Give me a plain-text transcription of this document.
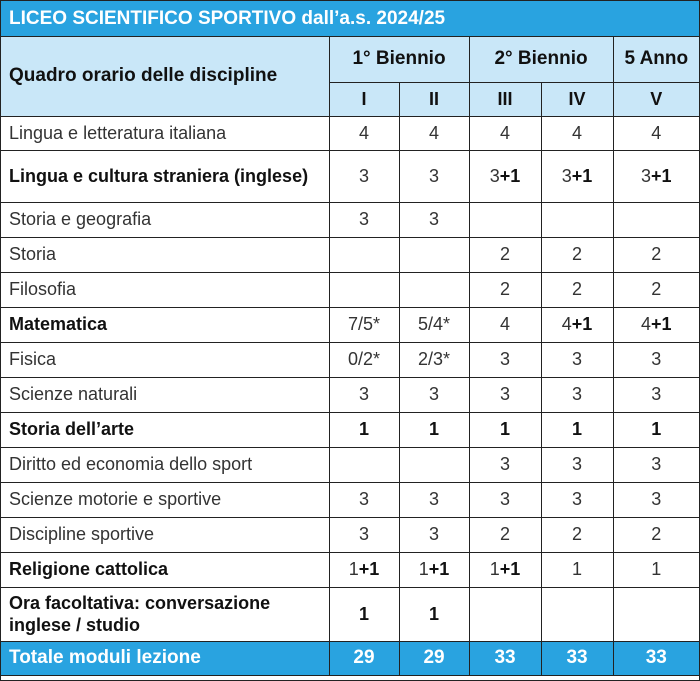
LICEO SCIENTIFICO SPORTIVO dall’a.s. 2024/25
Quadro orario delle discipline	1° Biennio		2° Biennio		5 Anno
	I	II	III	IV	V
Lingua e letteratura italiana	4	4	4	4	4
Lingua e cultura straniera (inglese)	3	3	3+1	3+1	3+1
Storia e geografia	3	3			
Storia			2	2	2
Filosofia			2	2	2
Matematica	7/5*	5/4*	4	4+1	4+1
Fisica	0/2*	2/3*	3	3	3
Scienze naturali	3	3	3	3	3
Storia dell’arte	1	1	1	1	1
Diritto ed economia dello sport			3	3	3
Scienze motorie e sportive	3	3	3	3	3
Discipline sportive	3	3	2	2	2
Religione cattolica	1+1	1+1	1+1	1	1
Ora facoltativa: conversazione inglese / studio	1	1			
Totale moduli lezione	29	29	33	33	33
